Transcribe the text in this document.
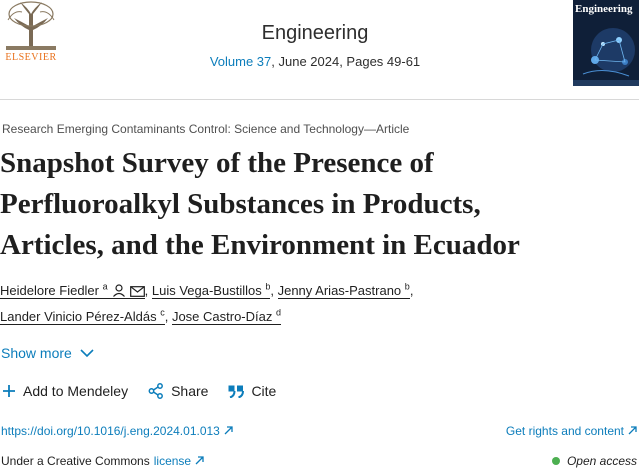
ELSEVIER
Engineering
Volume 37, June 2024, Pages 49-61
Engineering
Research Emerging Contaminants Control: Science and Technology—Article
Snapshot Survey of the Presence of
Perfluoroalkyl Substances in Products,
Articles, and the Environment in Ecuador
Heidelore Fiedler $^a$	, Luis Vega-Bustillos $^b$, Jenny Arias-Pastrano $^b$,
Lander Vinicio Pérez-Aldás $^c$, Jose Castro-Díaz $^d$
Show more
Add to Mendeley	Share	Cite
https://doi.org/10.1016/j.eng.2024.01.013	Get rights and content
Under a Creative Commons license	Open access
